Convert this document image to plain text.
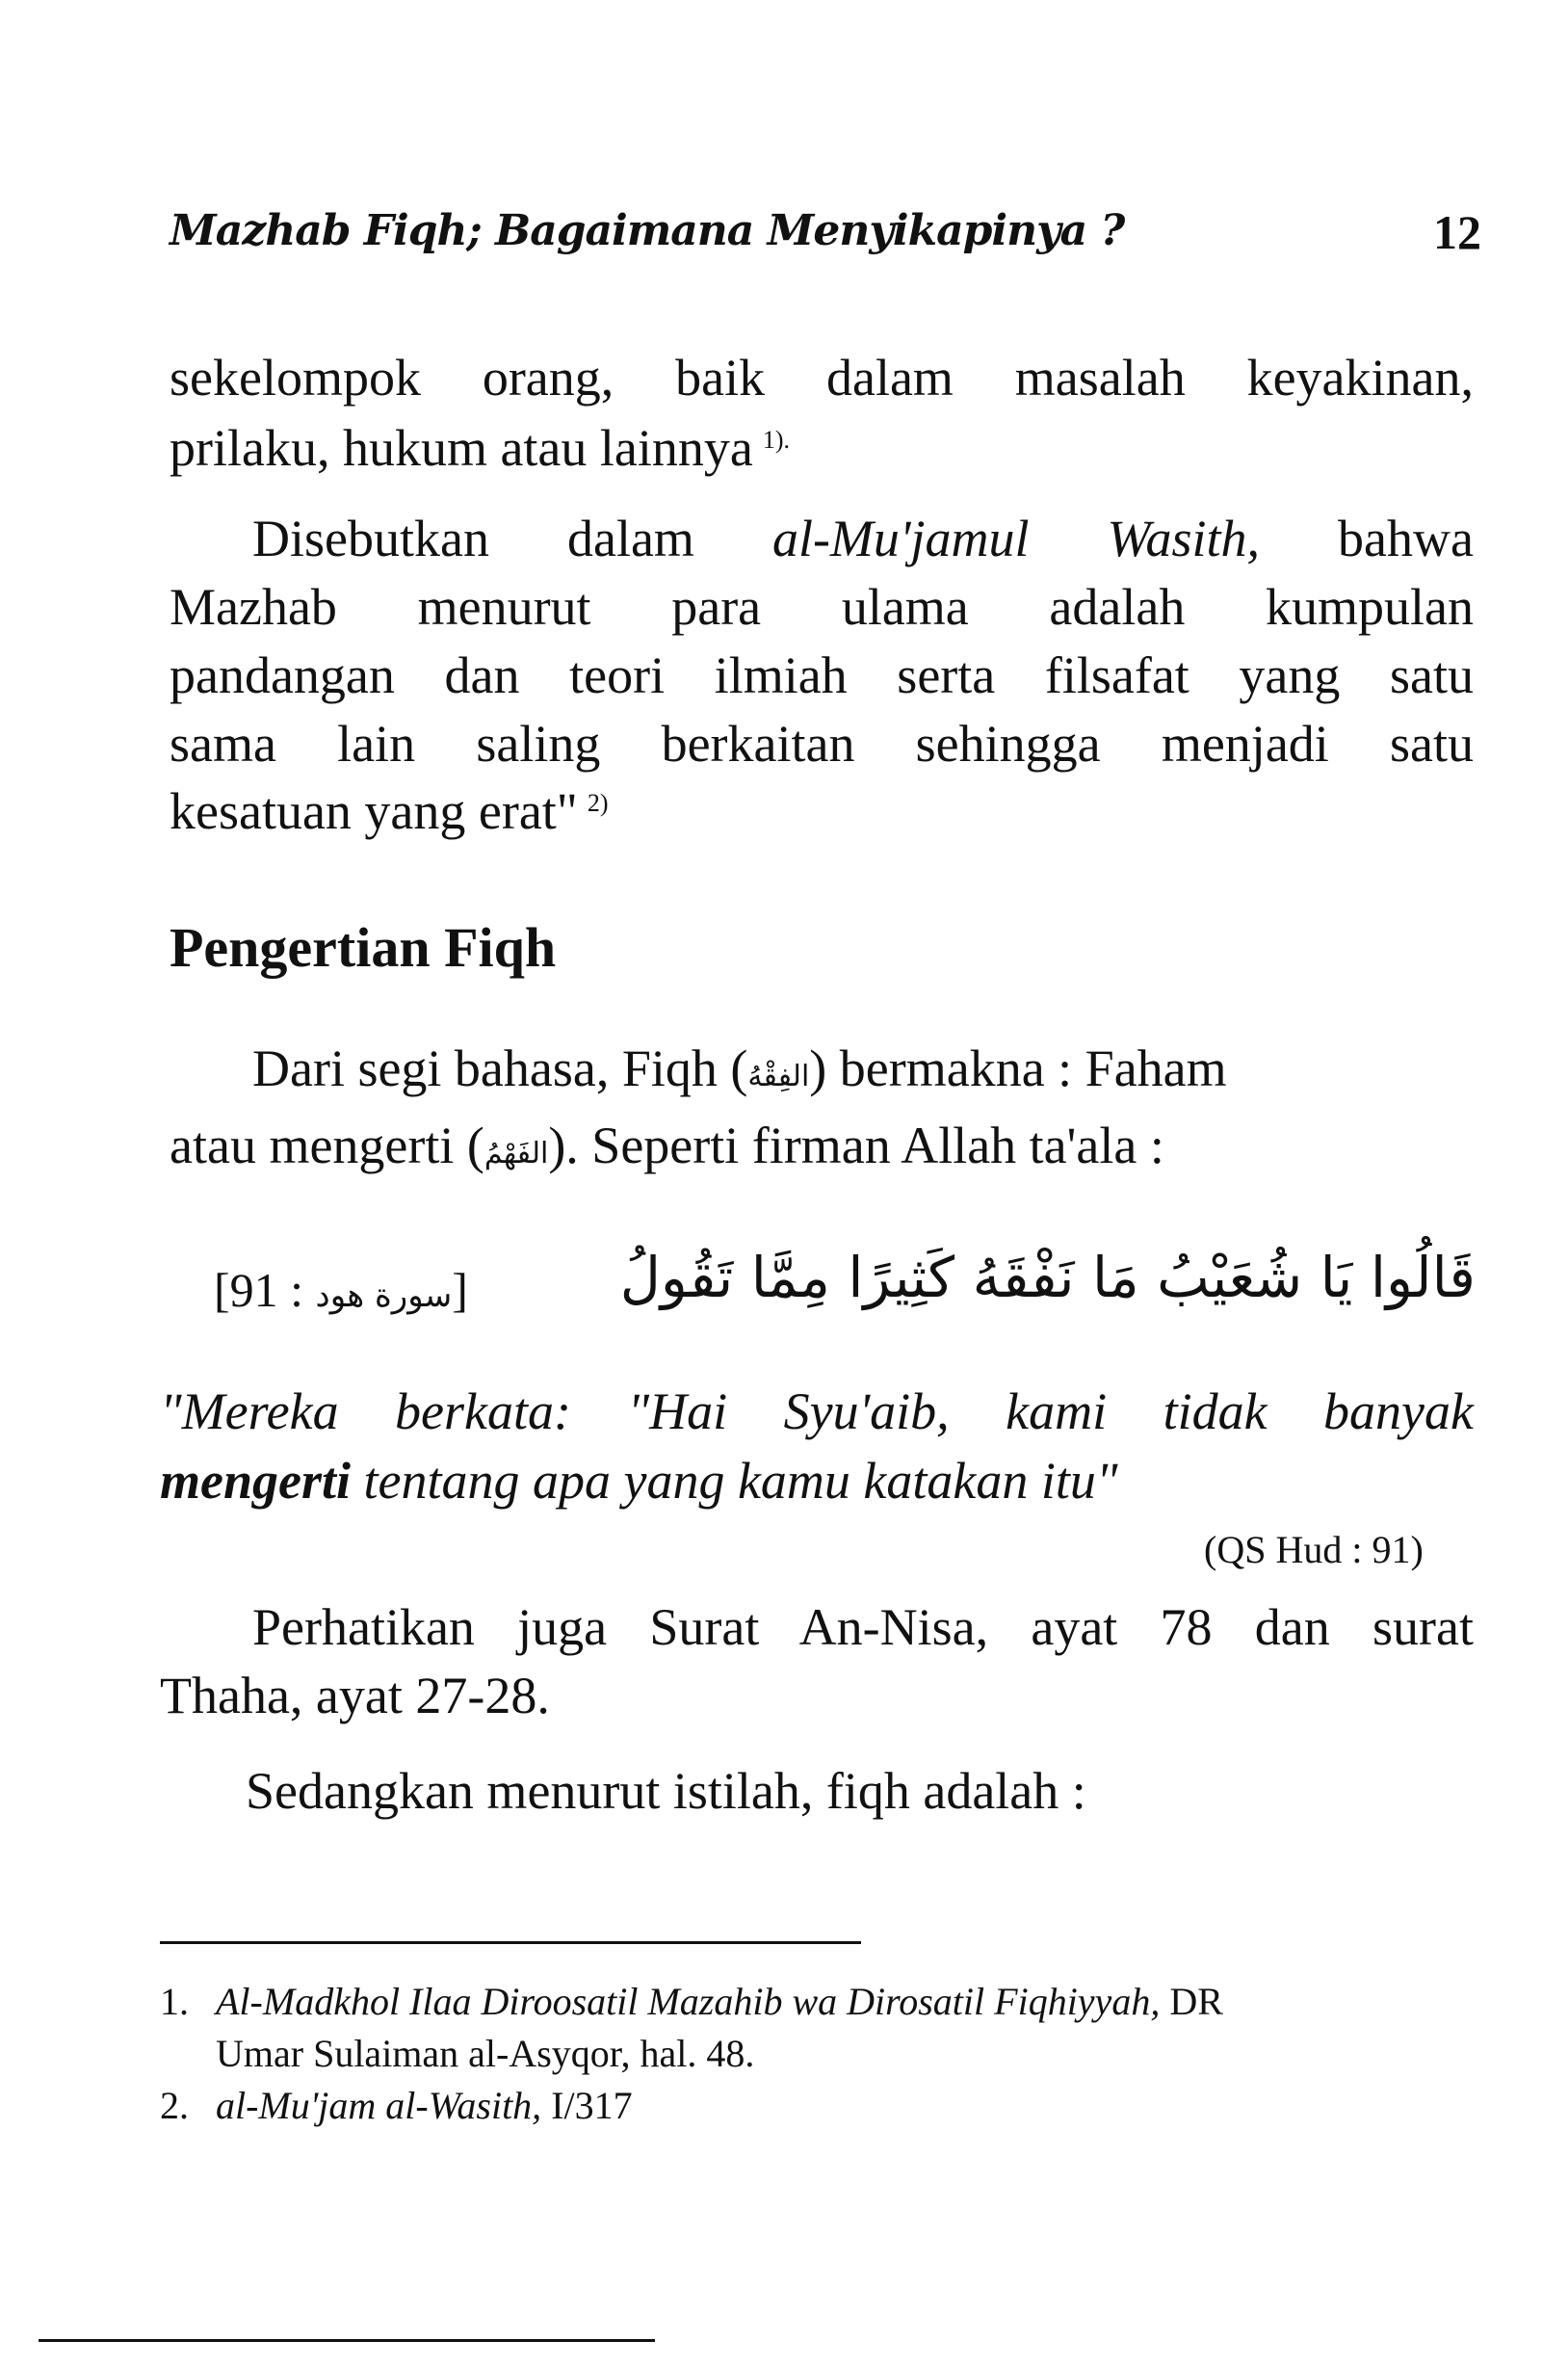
Mazhab Fiqh; Bagaimana Menyikapinya ?	12
sekelompok orang, baik dalam masalah keyakinan,
prilaku, hukum atau lainnya $^{1).}$
Disebutkan dalam al-Mu'jamul Wasith, bahwa
Mazhab menurut para ulama adalah kumpulan
pandangan dan teori ilmiah serta filsafat yang satu
sama lain saling berkaitan sehingga menjadi satu
kesatuan yang erat" $^{2)}$
Pengertian Fiqh
Dari segi bahasa, Fiqh (الفِقْهُ) bermakna : Faham
atau mengerti (الفَهْمُ). Seperti firman Allah ta'ala :
[91 : سورة هود]	قَالُوا يَا شُعَيْبُ مَا نَفْقَهُ كَثِيرًا مِمَّا تَقُولُ
"Mereka berkata: "Hai Syu'aib, kami tidak banyak
mengerti tentang apa yang kamu katakan itu"
(QS Hud : 91)
Perhatikan juga Surat An-Nisa, ayat 78 dan surat
Thaha, ayat 27-28.
Sedangkan menurut istilah, fiqh adalah :
1. Al-Madkhol Ilaa Diroosatil Mazahib wa Dirosatil Fiqhiyyah, DR
Umar Sulaiman al-Asyqor, hal. 48.
2. al-Mu'jam al-Wasith, I/317
